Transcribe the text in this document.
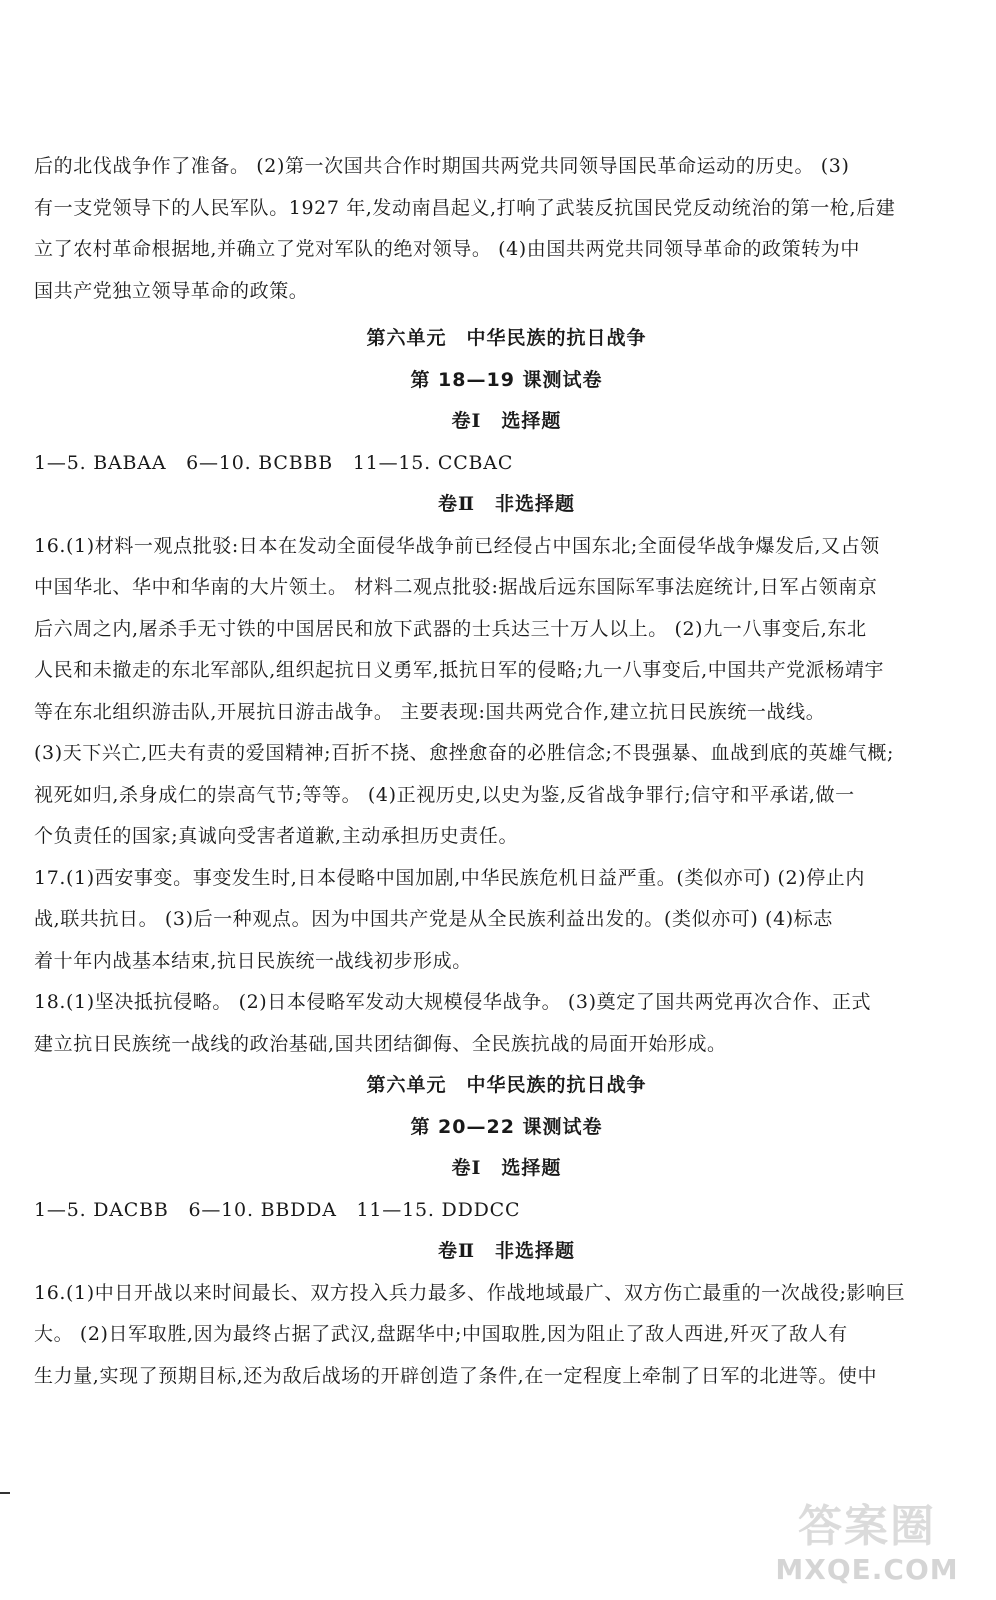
后的北伐战争作了准备。 (2)第一次国共合作时期国共两党共同领导国民革命运动的历史。 (3)
有一支党领导下的人民军队。1927 年,发动南昌起义,打响了武装反抗国民党反动统治的第一枪,后建
立了农村革命根据地,并确立了党对军队的绝对领导。 (4)由国共两党共同领导革命的政策转为中
国共产党独立领导革命的政策。

第六单元　中华民族的抗日战争
第 18—19 课测试卷
卷Ⅰ　选择题

1—5. BABAA　6—10. BCBBB　11—15. CCBAC

卷Ⅱ　非选择题

16.(1)材料一观点批驳:日本在发动全面侵华战争前已经侵占中国东北;全面侵华战争爆发后,又占领
中国华北、华中和华南的大片领土。 材料二观点批驳:据战后远东国际军事法庭统计,日军占领南京
后六周之内,屠杀手无寸铁的中国居民和放下武器的士兵达三十万人以上。 (2)九一八事变后,东北
人民和未撤走的东北军部队,组织起抗日义勇军,抵抗日军的侵略;九一八事变后,中国共产党派杨靖宇
等在东北组织游击队,开展抗日游击战争。 主要表现:国共两党合作,建立抗日民族统一战线。
(3)天下兴亡,匹夫有责的爱国精神;百折不挠、愈挫愈奋的必胜信念;不畏强暴、血战到底的英雄气概;
视死如归,杀身成仁的崇高气节;等等。 (4)正视历史,以史为鉴,反省战争罪行;信守和平承诺,做一
个负责任的国家;真诚向受害者道歉,主动承担历史责任。

17.(1)西安事变。事变发生时,日本侵略中国加剧,中华民族危机日益严重。(类似亦可) (2)停止内
战,联共抗日。 (3)后一种观点。因为中国共产党是从全民族利益出发的。(类似亦可) (4)标志
着十年内战基本结束,抗日民族统一战线初步形成。

18.(1)坚决抵抗侵略。 (2)日本侵略军发动大规模侵华战争。 (3)奠定了国共两党再次合作、正式
建立抗日民族统一战线的政治基础,国共团结御侮、全民族抗战的局面开始形成。

第六单元　中华民族的抗日战争
第 20—22 课测试卷
卷Ⅰ　选择题

1—5. DACBB　6—10. BBDDA　11—15. DDDCC

卷Ⅱ　非选择题

16.(1)中日开战以来时间最长、双方投入兵力最多、作战地域最广、双方伤亡最重的一次战役;影响巨
大。 (2)日军取胜,因为最终占据了武汉,盘踞华中;中国取胜,因为阻止了敌人西进,歼灭了敌人有
生力量,实现了预期目标,还为敌后战场的开辟创造了条件,在一定程度上牵制了日军的北进等。使中

答案圈
MXQE.COM
